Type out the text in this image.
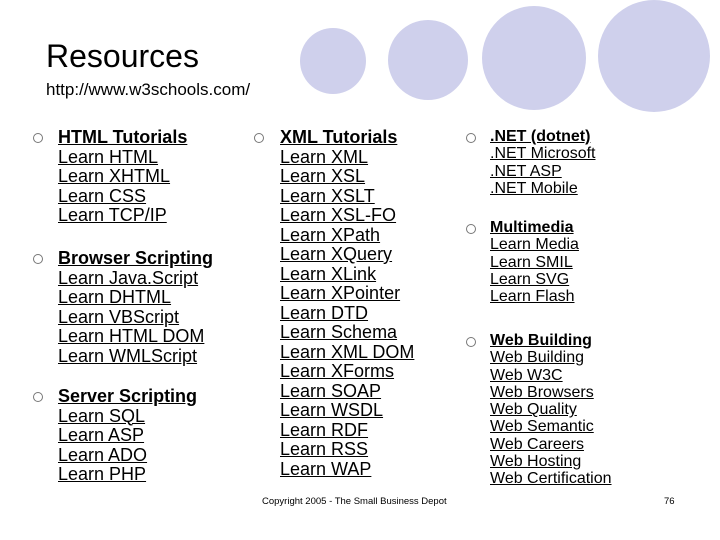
Resources
http://www.w3schools.com/
HTML Tutorials
Learn HTML
Learn XHTML
Learn CSS
Learn TCP/IP
Browser Scripting
Learn Java.Script
Learn DHTML
Learn VBScript
Learn HTML DOM
Learn WMLScript
Server Scripting
Learn SQL
Learn ASP
Learn ADO
Learn PHP
XML Tutorials
Learn XML
Learn XSL
Learn XSLT
Learn XSL-FO
Learn XPath
Learn XQuery
Learn XLink
Learn XPointer
Learn DTD
Learn Schema
Learn XML DOM
Learn XForms
Learn SOAP
Learn WSDL
Learn RDF
Learn RSS
Learn WAP
.NET (dotnet)
.NET Microsoft
.NET ASP
.NET Mobile
Multimedia
Learn Media
Learn SMIL
Learn SVG
Learn Flash
Web Building
Web Building
Web W3C
Web Browsers
Web Quality
Web Semantic
Web Careers
Web Hosting
Web Certification
Copyright 2005 - The Small Business Depot	76
